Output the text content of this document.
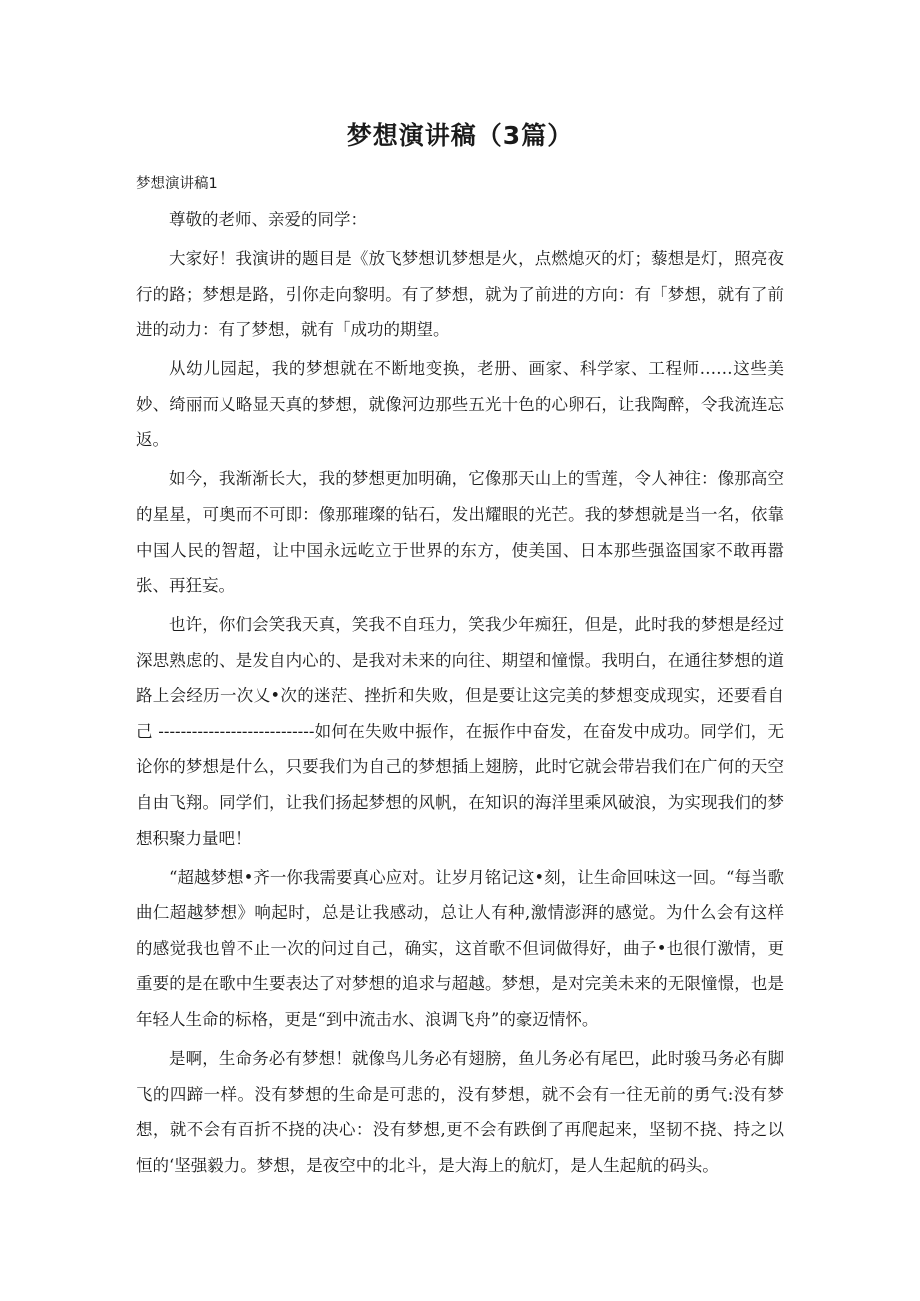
梦想演讲稿（3篇）

梦想演讲稿1

尊敬的老师、亲爱的同学：

大家好！我演讲的题目是《放飞梦想讥梦想是火，点燃熄灭的灯；藜想是灯，照亮夜行的路；梦想是路，引你走向黎明。有了梦想，就为了前进的方向：有「梦想，就有了前进的动力：有了梦想，就有「成功的期望。

从幼儿园起，我的梦想就在不断地变换，老册、画家、科学家、工程师……这些美妙、绮丽而乂略显天真的梦想，就像河边那些五光十色的心卵石，让我陶醉，令我流连忘返。

如今，我渐渐长大，我的梦想更加明确，它像那天山上的雪莲，令人神往：像那高空的星星，可奥而不可即：像那璀璨的钻石，发出耀眼的光芒。我的梦想就是当一名，依靠中国人民的智超，让中国永远屹立于世界的东方，使美国、日本那些强盗国家不敢再嚣张、再狂妄。

也许，你们会笑我天真，笑我不自珏力，笑我少年痴狂，但是，此时我的梦想是经过深思熟虑的、是发自内心的、是我对未来的向往、期望和憧憬。我明白，在通往梦想的道路上会经历一次乂•次的迷茫、挫折和失败，但是要让这完美的梦想变成现实，还要看自己 ----------------------------如何在失败中振作，在振作中奋发，在奋发中成功。同学们，无论你的梦想是什么，只要我们为自己的梦想插上翅膀，此时它就会带岩我们在广何的天空自由飞翔。同学们，让我们扬起梦想的风帆，在知识的海洋里乘风破浪，为实现我们的梦想积聚力量吧！

“超越梦想•齐一你我需要真心应对。让岁月铭记这•刻，让生命回味这一回。“每当歌曲仁超越梦想》响起时，总是让我感动，总让人有种,激情澎湃的感觉。为什么会有这样的感觉我也曾不止一次的问过自己，确实，这首歌不但词做得好，曲子•也很仃激情，更重要的是在歌中生要表达了对梦想的追求与超越。梦想，是对完美未来的无限憧憬，也是年轻人生命的标格，更是“到中流击水、浪调飞舟”的豪迈情怀。

是啊，生命务必有梦想！就像鸟儿务必有翅膀，鱼儿务必有尾巴，此时骏马务必有脚飞的四蹄一样。没有梦想的生命是可悲的，没有梦想，就不会有一往无前的勇气:没有梦想，就不会有百折不挠的决心：没有梦想,更不会有跌倒了再爬起来，坚韧不挠、持之以恒的‘坚强毅力。梦想，是夜空中的北斗，是大海上的航灯，是人生起航的码头。
